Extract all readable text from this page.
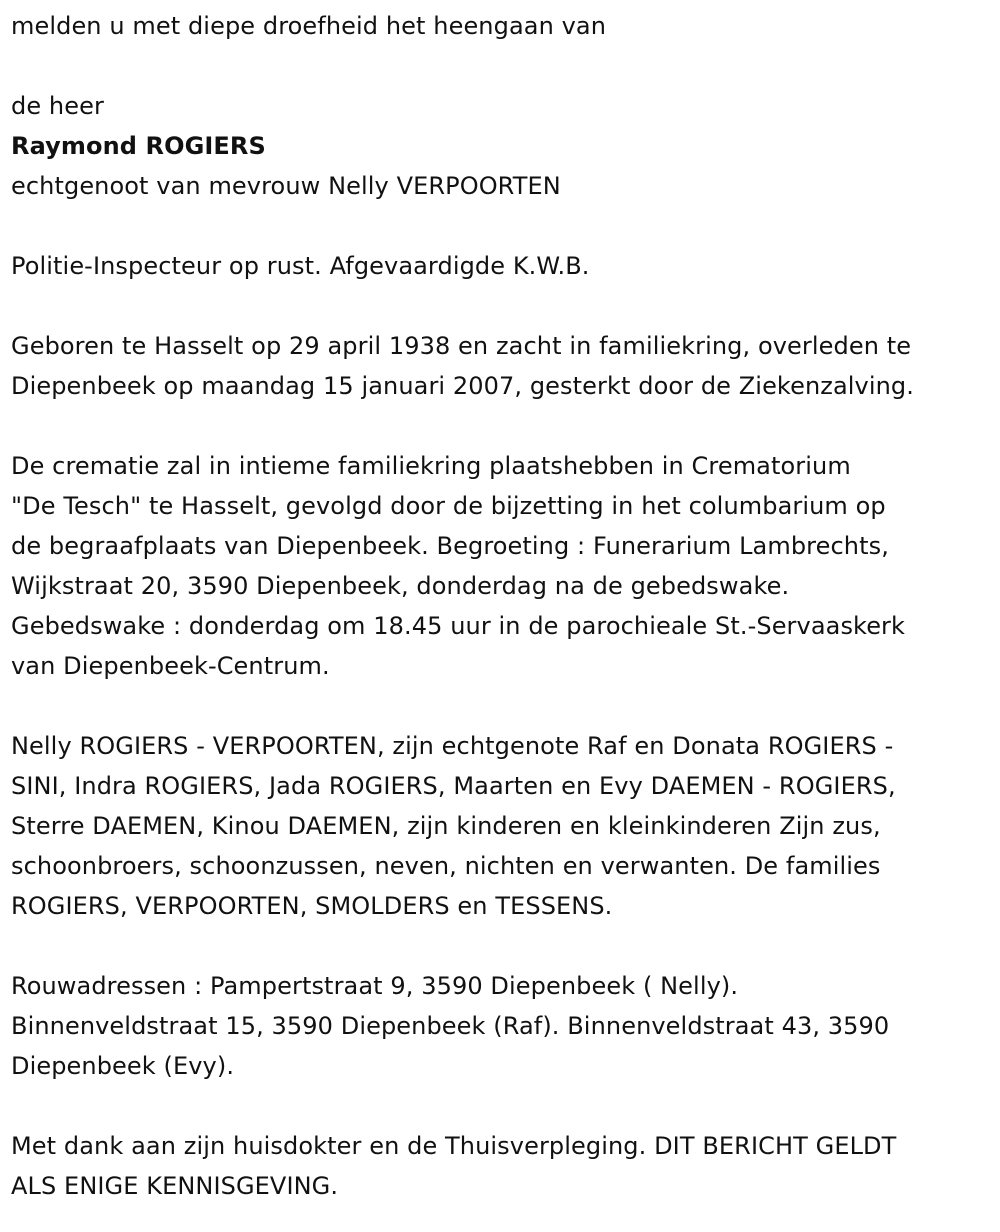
melden u met diepe droefheid het heengaan van
de heer
Raymond ROGIERS
echtgenoot van mevrouw Nelly VERPOORTEN
Politie-Inspecteur op rust. Afgevaardigde K.W.B.
Geboren te Hasselt op 29 april 1938 en zacht in familiekring, overleden te
Diepenbeek op maandag 15 januari 2007, gesterkt door de Ziekenzalving.
De crematie zal in intieme familiekring plaatshebben in Crematorium
"De Tesch" te Hasselt, gevolgd door de bijzetting in het columbarium op
de begraafplaats van Diepenbeek. Begroeting : Funerarium Lambrechts,
Wijkstraat 20, 3590 Diepenbeek, donderdag na de gebedswake.
Gebedswake : donderdag om 18.45 uur in de parochieale St.-Servaaskerk
van Diepenbeek-Centrum.
Nelly ROGIERS - VERPOORTEN, zijn echtgenote Raf en Donata ROGIERS -
SINI, Indra ROGIERS, Jada ROGIERS, Maarten en Evy DAEMEN - ROGIERS,
Sterre DAEMEN, Kinou DAEMEN, zijn kinderen en kleinkinderen Zijn zus,
schoonbroers, schoonzussen, neven, nichten en verwanten. De families
ROGIERS, VERPOORTEN, SMOLDERS en TESSENS.
Rouwadressen : Pampertstraat 9, 3590 Diepenbeek ( Nelly).
Binnenveldstraat 15, 3590 Diepenbeek (Raf). Binnenveldstraat 43, 3590
Diepenbeek (Evy).
Met dank aan zijn huisdokter en de Thuisverpleging. DIT BERICHT GELDT
ALS ENIGE KENNISGEVING.
